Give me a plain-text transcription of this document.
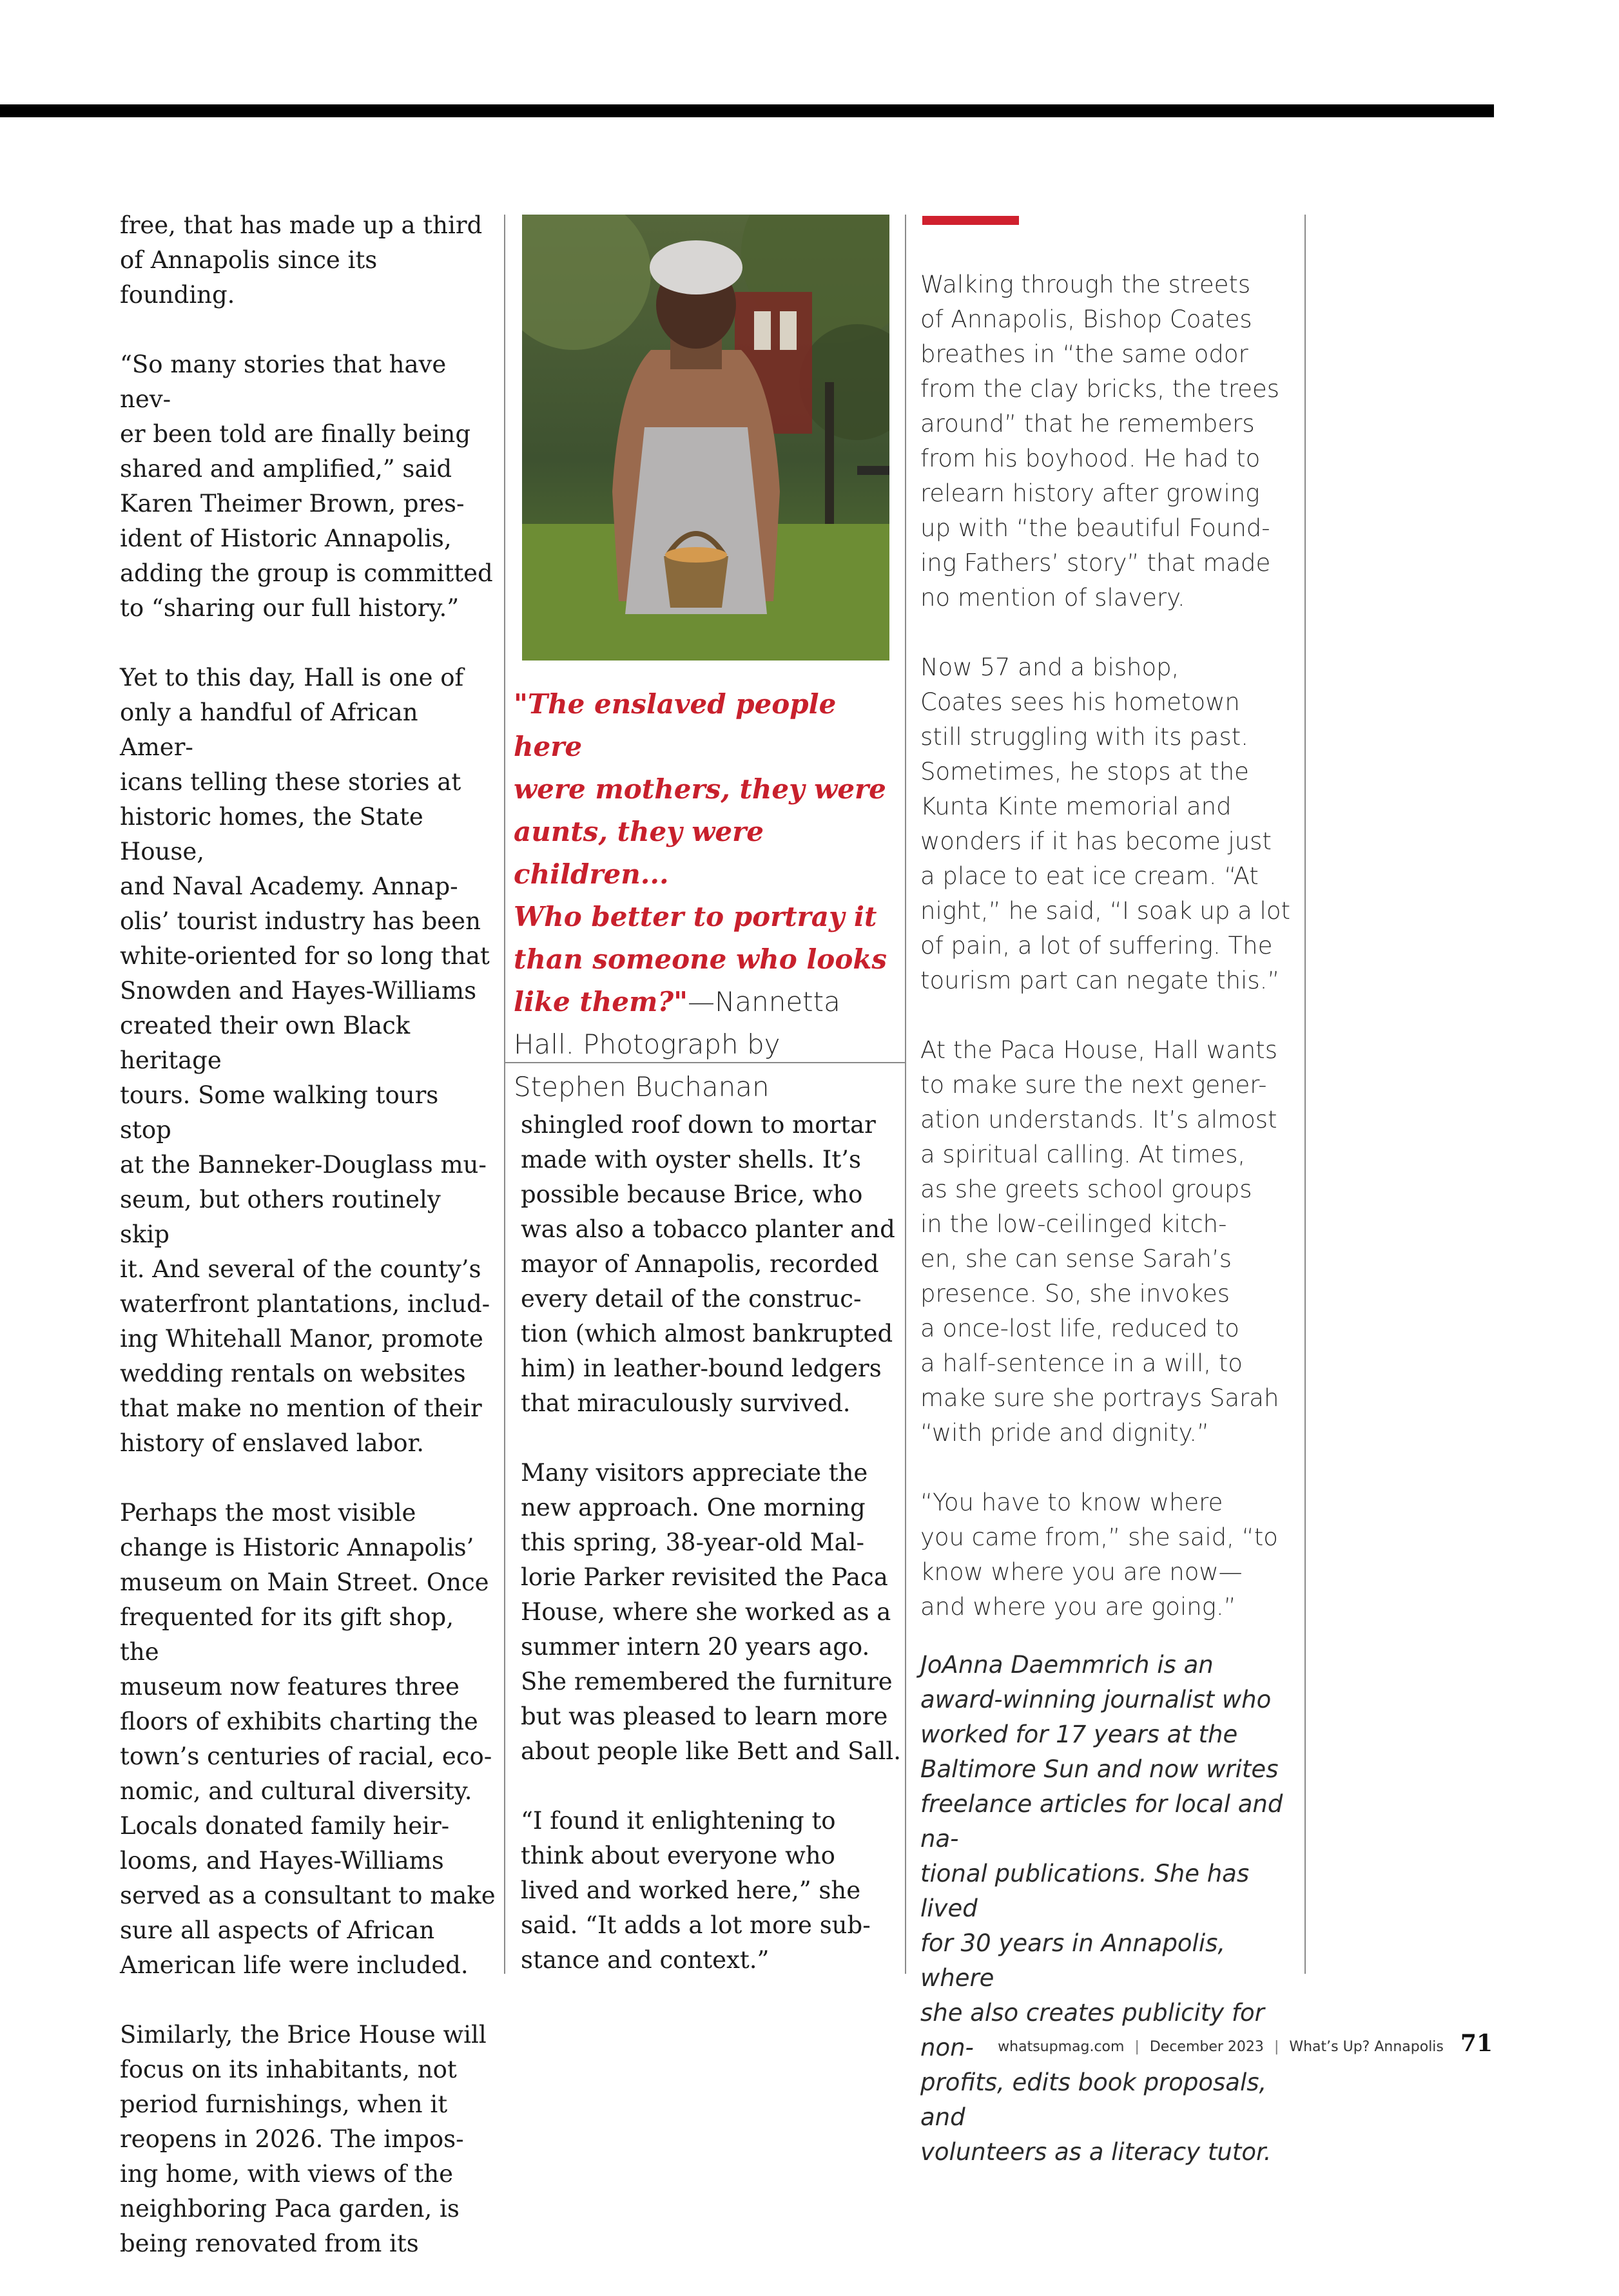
free, that has made up a third
of Annapolis since its founding.

“So many stories that have nev-
er been told are finally being
shared and amplified,” said
Karen Theimer Brown, pres-
ident of Historic Annapolis,
adding the group is committed
to “sharing our full history.”

Yet to this day, Hall is one of
only a handful of African Amer-
icans telling these stories at
historic homes, the State House,
and Naval Academy. Annap-
olis’ tourist industry has been
white-oriented for so long that
Snowden and Hayes-Williams
created their own Black heritage
tours. Some walking tours stop
at the Banneker-Douglass mu-
seum, but others routinely skip
it. And several of the county’s
waterfront plantations, includ-
ing Whitehall Manor, promote
wedding rentals on websites
that make no mention of their
history of enslaved labor.

Perhaps the most visible
change is Historic Annapolis’
museum on Main Street. Once
frequented for its gift shop, the
museum now features three
floors of exhibits charting the
town’s centuries of racial, eco-
nomic, and cultural diversity.
Locals donated family heir-
looms, and Hayes-Williams
served as a consultant to make
sure all aspects of African
American life were included.

Similarly, the Brice House will
focus on its inhabitants, not
period furnishings, when it
reopens in 2026. The impos-
ing home, with views of the
neighboring Paca garden, is
being renovated from its

"The enslaved people here
were mothers, they were
aunts, they were children...
Who better to portray it
than someone who looks
like them?"—Nannetta
Hall. Photograph by
Stephen Buchanan

shingled roof down to mortar
made with oyster shells. It’s
possible because Brice, who
was also a tobacco planter and
mayor of Annapolis, recorded
every detail of the construc-
tion (which almost bankrupted
him) in leather-bound ledgers
that miraculously survived.

Many visitors appreciate the
new approach. One morning
this spring, 38-year-old Mal-
lorie Parker revisited the Paca
House, where she worked as a
summer intern 20 years ago.
She remembered the furniture
but was pleased to learn more
about people like Bett and Sall.

“I found it enlightening to
think about everyone who
lived and worked here,” she
said. “It adds a lot more sub-
stance and context.”

Walking through the streets
of Annapolis, Bishop Coates
breathes in “the same odor
from the clay bricks, the trees
around” that he remembers
from his boyhood. He had to
relearn history after growing
up with “the beautiful Found-
ing Fathers’ story” that made
no mention of slavery.

Now 57 and a bishop,
Coates sees his hometown
still struggling with its past.
Sometimes, he stops at the
Kunta Kinte memorial and
wonders if it has become just
a place to eat ice cream. “At
night,” he said, “I soak up a lot
of pain, a lot of suffering. The
tourism part can negate this.”

At the Paca House, Hall wants
to make sure the next gener-
ation understands. It’s almost
a spiritual calling. At times,
as she greets school groups
in the low-ceilinged kitch-
en, she can sense Sarah’s
presence. So, she invokes
a once-lost life, reduced to
a half-sentence in a will, to
make sure she portrays Sarah
“with pride and dignity.”

“You have to know where
you came from,” she said, “to
know where you are now—
and where you are going.”

JoAnna Daemmrich is an
award-winning journalist who
worked for 17 years at the
Baltimore Sun and now writes
freelance articles for local and na-
tional publications. She has lived
for 30 years in Annapolis, where
she also creates publicity for non-
profits, edits book proposals, and
volunteers as a literacy tutor.

whatsupmag.com | December 2023 | What’s Up? Annapolis 71
